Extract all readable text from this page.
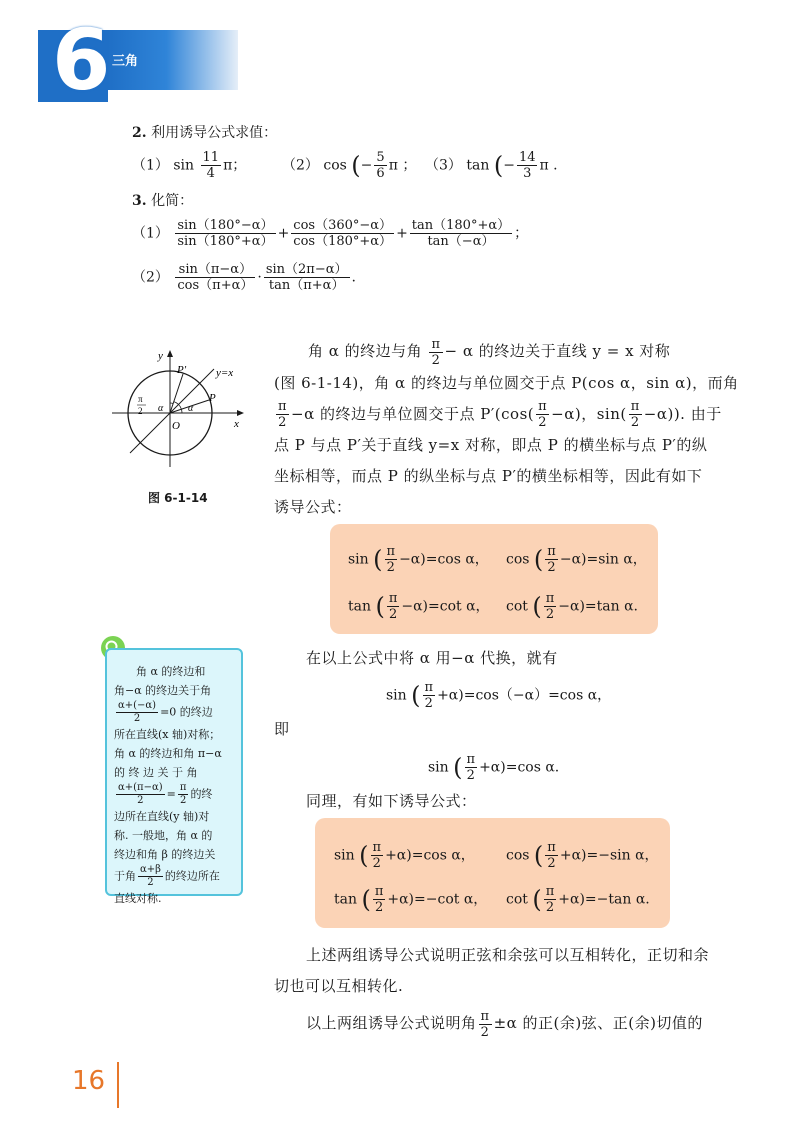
6 三角
2. 利用诱导公式求值：
（1） $\sin \frac{11}{4}$ π；	（2） cos (− $\frac{5}{6}$ π ； （3） tan (− $\frac{14}{3}$ π .
3. 化简：
$(1) \frac{\sin(180^\circ-\alpha)}{\sin(180^\circ+\alpha)} + \frac{\cos(360^\circ-\alpha)}{\cos(180^\circ+\alpha)} + \frac{\tan(180^\circ+\alpha)}{\tan(-\alpha)}$ ；
$(2) \frac{\sin(\pi-\alpha)}{\cos(\pi+\alpha)} \cdot \frac{\sin(2\pi-\alpha)}{\tan(\pi+\alpha)}$ .
y
x
O
P
P′	y=x
α
α
π
2
图 6-1-14
角 α 的终边与角 $\frac{\pi}{2} - \alpha$ 的终边关于直线 y = x 对称
(图 6-1-14)，角 α 的终边与单位圆交于点 P(cos α，sin α)，而角
$\frac{\pi}{2} -\alpha$ 的终边与单位圆交于点 $P'(\cos( \frac{\pi}{2} -\alpha)$，$\sin( \frac{\pi}{2} -\alpha)$). 由于
点 P 与点 P′关于直线 y=x 对称，即点 P 的横坐标与点 P′的纵
坐标相等，而点 P 的纵坐标与点 P′的横坐标相等，因此有如下
诱导公式：
sin ( $\frac{\pi}{2} -\alpha)=\cos$ α， cos ( $\frac{\pi}{2} -\alpha)=\sin$ α，
tan ( $\frac{\pi}{2} -\alpha)=\cot$ α， cot ( $\frac{\pi}{2} -\alpha)=\tan$ α.
在以上公式中将 α 用−α 代换，就有
sin ( $\frac{\pi}{2} +\alpha)=\cos(-\alpha)=\cos$ α，
即
sin ( $\frac{\pi}{2} +\alpha)=\cos$ α.
同理，有如下诱导公式：
sin ( $\frac{\pi}{2} +\alpha)=\cos$ α， cos ( $\frac{\pi}{2} +\alpha)=-\sin$ α，
tan ( $\frac{\pi}{2} +\alpha)=-\cot$ α， cot ( $\frac{\pi}{2} +\alpha)=-\tan$ α.
上述两组诱导公式说明正弦和余弦可以互相转化，正切和余
切也可以互相转化.
以上两组诱导公式说明角 $\frac{\pi}{2} \pm\alpha$ 的正(余)弦、正(余)切值的
角 α 的终边和
角−α 的终边关于角
$\frac{\alpha+(-\alpha)}{2} =0$ 的终边
所在直线(x 轴)对称；
角 α 的终边和角 π−α
的 终 边 关 于 角
$\frac{\alpha+(\pi-\alpha)}{2} = \frac{\pi}{2}$ 的终
边所在直线(y 轴)对
称. 一般地，角 α 的
终边和角 β 的终边关
于角 $\frac{\alpha+\beta}{2}$ 的终边所在
直线对称.
16
